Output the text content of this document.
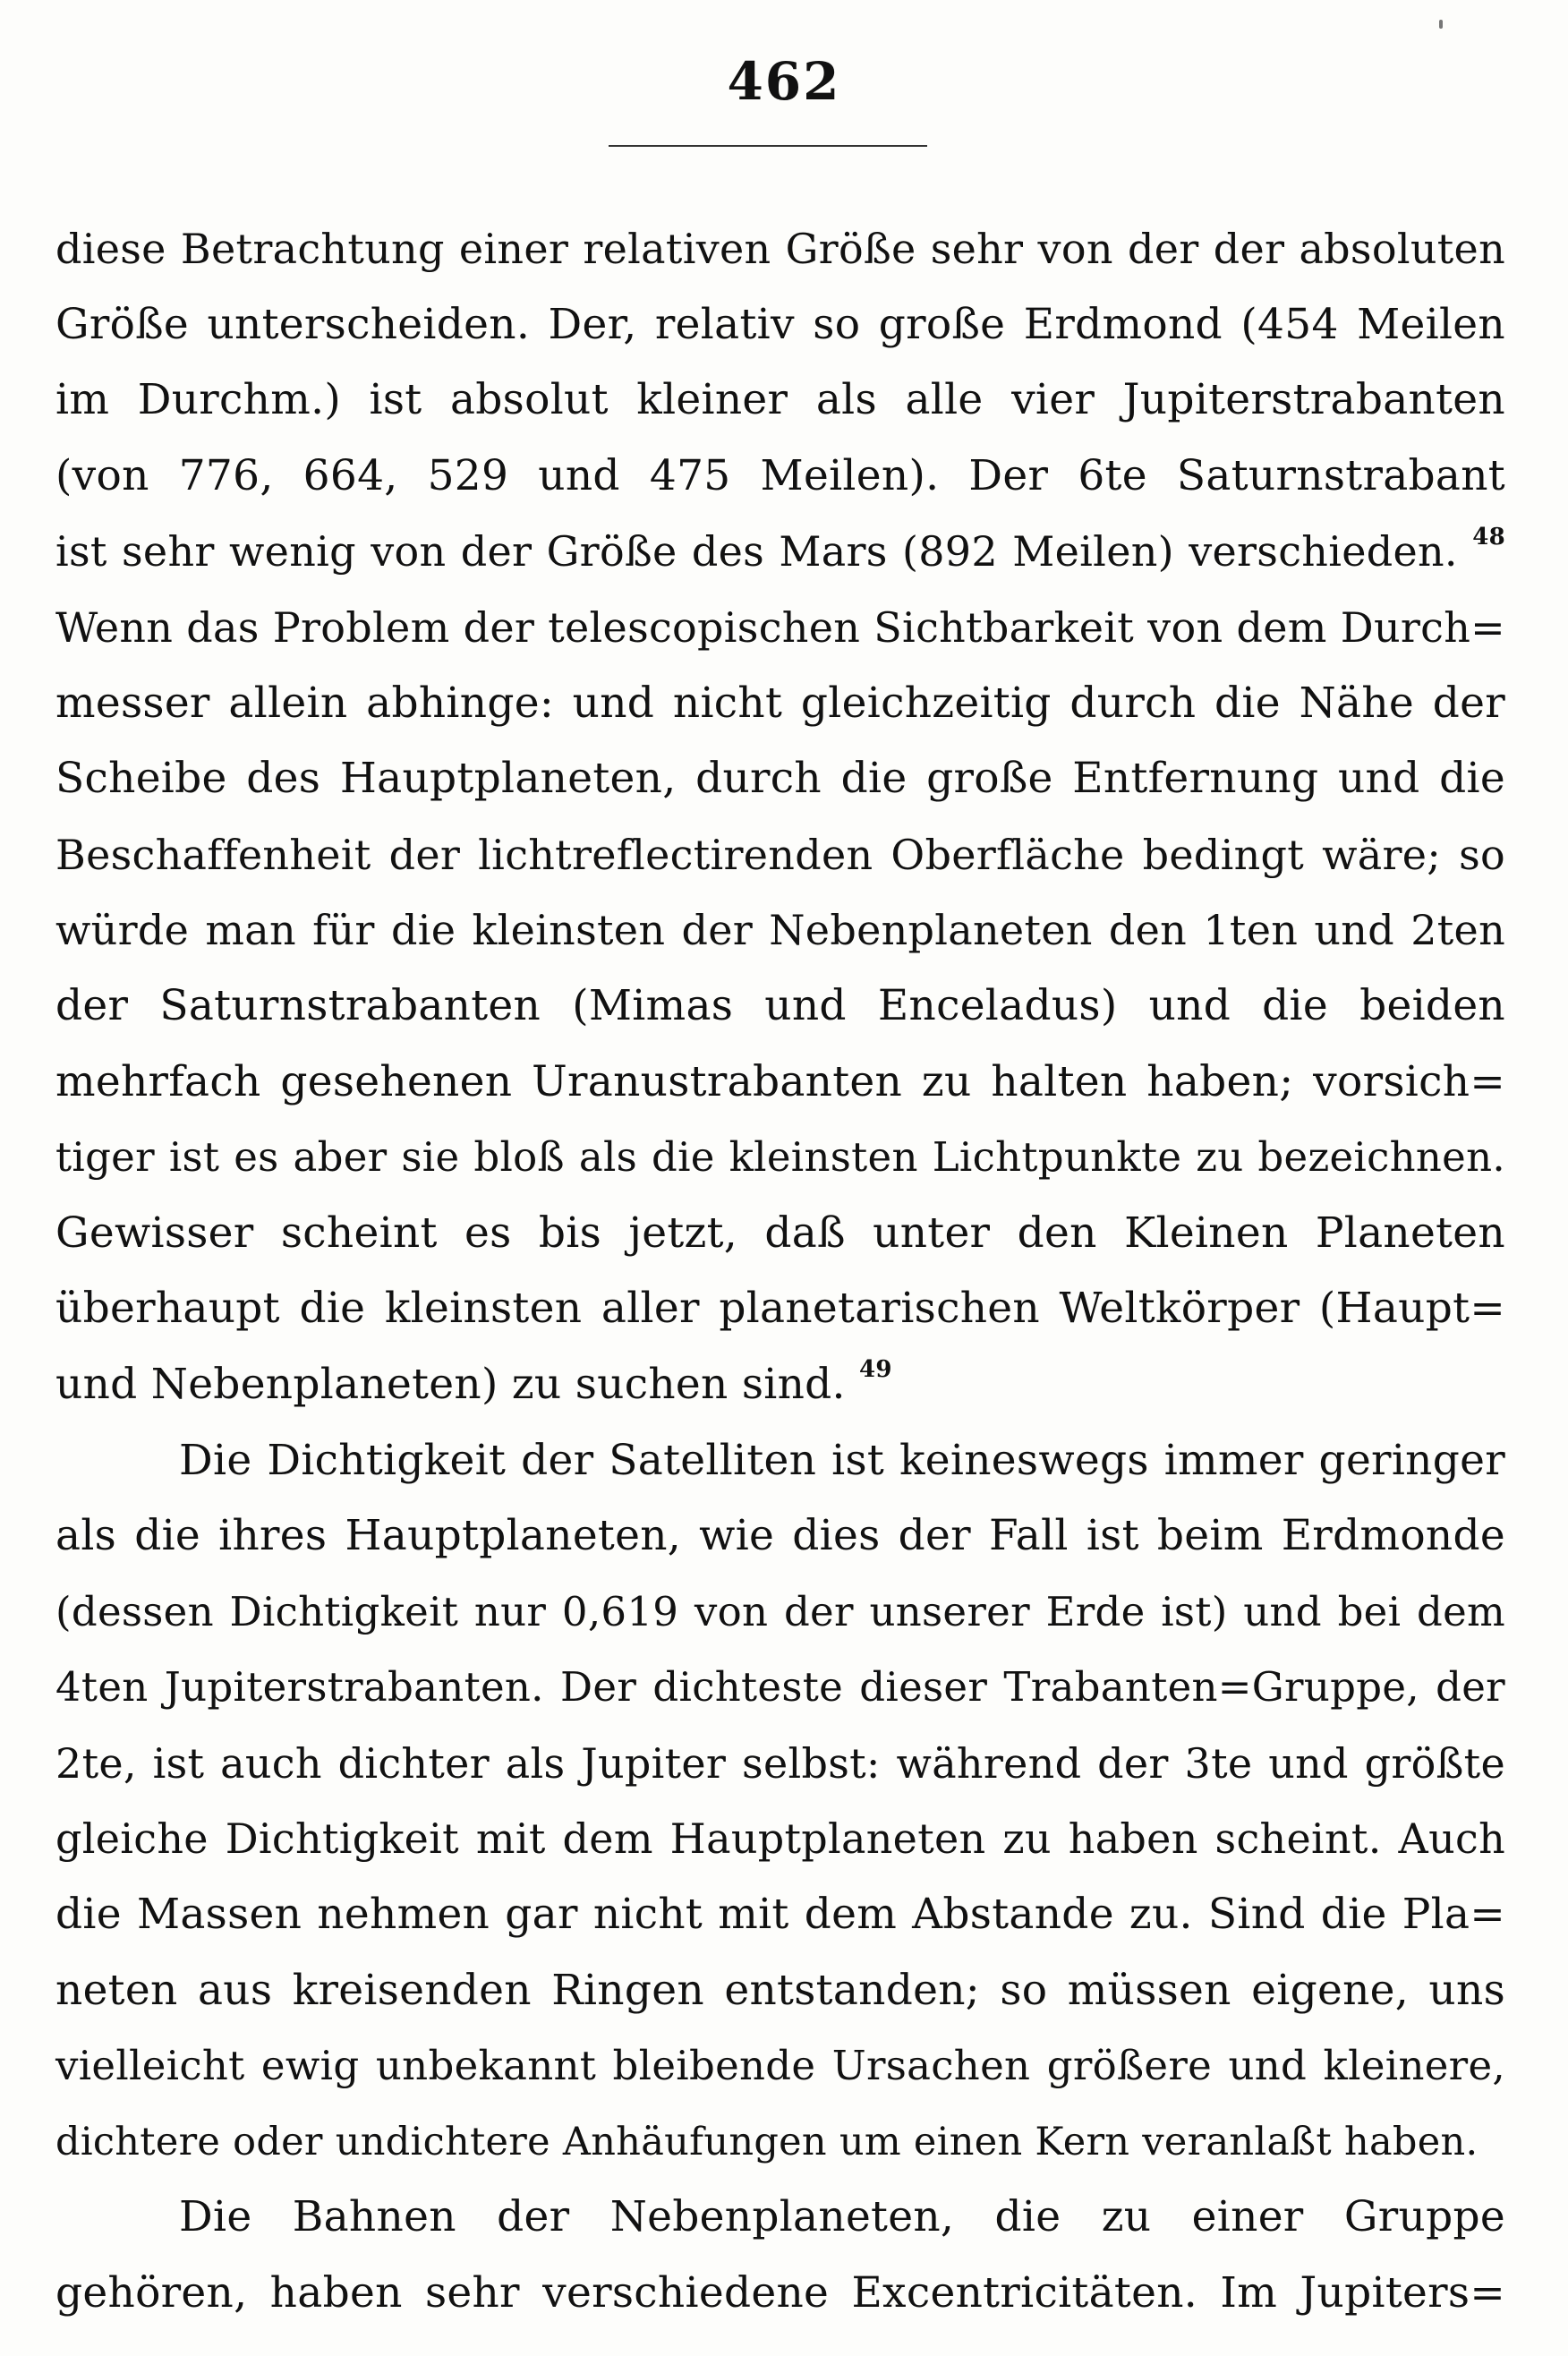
462
diese Betrachtung einer relativen Größe sehr von der der absoluten
Größe unterscheiden. Der, relativ so große Erdmond (454 Meilen
im Durchm.) ist absolut kleiner als alle vier Jupiterstrabanten
(von 776, 664, 529 und 475 Meilen). Der 6te Saturnstrabant
ist sehr wenig von der Größe des Mars (892 Meilen) verschieden. $^{48}$
Wenn das Problem der telescopischen Sichtbarkeit von dem Durch=
messer allein abhinge: und nicht gleichzeitig durch die Nähe der
Scheibe des Hauptplaneten, durch die große Entfernung und die
Beschaffenheit der lichtreflectirenden Oberfläche bedingt wäre; so
würde man für die kleinsten der Nebenplaneten den 1ten und 2ten
der Saturnstrabanten (Mimas und Enceladus) und die beiden
mehrfach gesehenen Uranustrabanten zu halten haben; vorsich=
tiger ist es aber sie bloß als die kleinsten Lichtpunkte zu bezeichnen.
Gewisser scheint es bis jetzt, daß unter den Kleinen Planeten
überhaupt die kleinsten aller planetarischen Weltkörper (Haupt=
und Nebenplaneten) zu suchen sind. $^{49}$
Die Dichtigkeit der Satelliten ist keineswegs immer geringer
als die ihres Hauptplaneten, wie dies der Fall ist beim Erdmonde
(dessen Dichtigkeit nur 0,619 von der unserer Erde ist) und bei dem
4ten Jupiterstrabanten. Der dichteste dieser Trabanten=Gruppe, der
2te, ist auch dichter als Jupiter selbst: während der 3te und größte
gleiche Dichtigkeit mit dem Hauptplaneten zu haben scheint. Auch
die Massen nehmen gar nicht mit dem Abstande zu. Sind die Pla=
neten aus kreisenden Ringen entstanden; so müssen eigene, uns
vielleicht ewig unbekannt bleibende Ursachen größere und kleinere,
dichtere oder undichtere Anhäufungen um einen Kern veranlaßt haben.
Die Bahnen der Nebenplaneten, die zu einer Gruppe
gehören, haben sehr verschiedene Excentricitäten. Im Jupiters=
